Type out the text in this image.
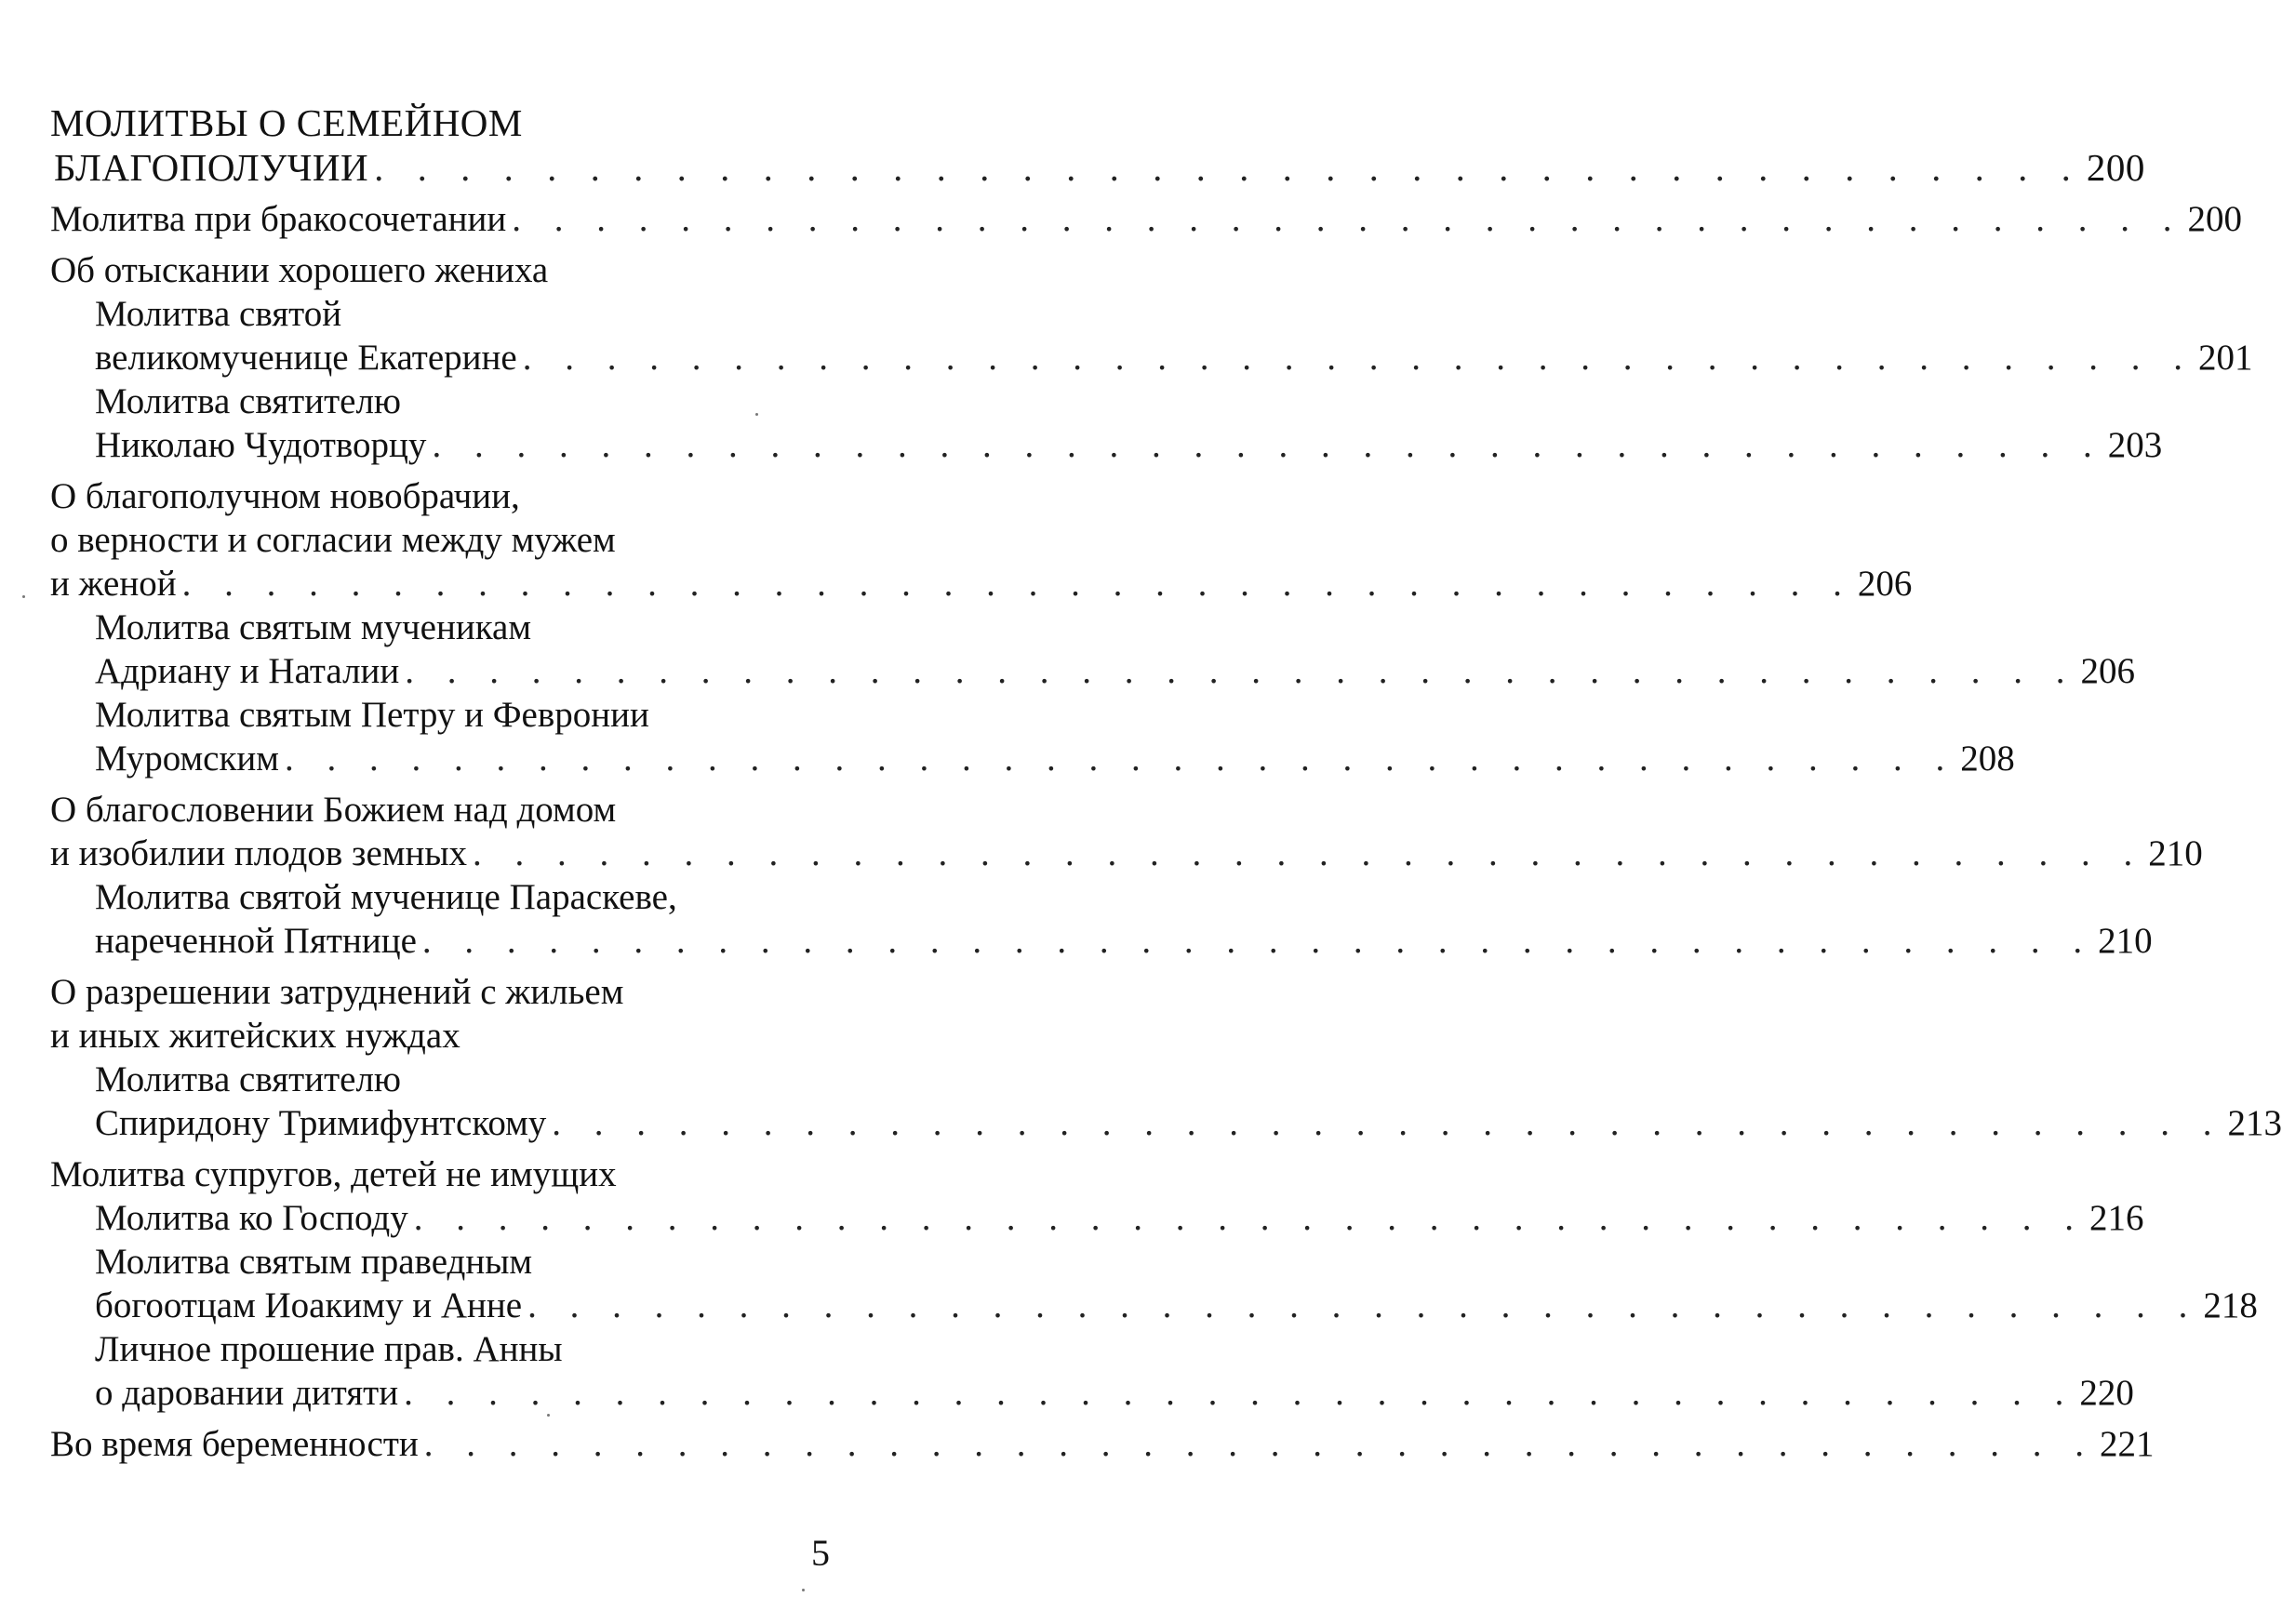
МОЛИТВЫ О СЕМЕЙНОМ
БЛАГОПОЛУЧИИ . . . . . . . . . . . . . . . . . . . . . . . . . . . . . . . . . . . . . . . . 200
Молитва при бракосочетании . . . . . . . . . . . . . . . . . . . . . . . . . . . . . . . . . . . . . . . . 200
Об отыскании хорошего жениха
Молитва святой
великомученице Екатерине . . . . . . . . . . . . . . . . . . . . . . . . . . . . . . . . . . . . . . . . 201
Молитва святителю
Николаю Чудотворцу . . . . . . . . . . . . . . . . . . . . . . . . . . . . . . . . . . . . . . . . 203
О благополучном новобрачии,
о верности и согласии между мужем
и женой . . . . . . . . . . . . . . . . . . . . . . . . . . . . . . . . . . . . . . . . 206
Молитва святым мученикам
Адриану и Наталии . . . . . . . . . . . . . . . . . . . . . . . . . . . . . . . . . . . . . . . . 206
Молитва святым Петру и Февронии
Муромским . . . . . . . . . . . . . . . . . . . . . . . . . . . . . . . . . . . . . . . . 208
О благословении Божием над домом
и изобилии плодов земных . . . . . . . . . . . . . . . . . . . . . . . . . . . . . . . . . . . . . . . . 210
Молитва святой мученице Параскеве,
нареченной Пятнице . . . . . . . . . . . . . . . . . . . . . . . . . . . . . . . . . . . . . . . . 210
О разрешении затруднений с жильем
и иных житейских нуждах
Молитва святителю
Спиридону Тримифунтскому . . . . . . . . . . . . . . . . . . . . . . . . . . . . . . . . . . . . . . . . 213
Молитва супругов, детей не имущих
Молитва ко Господу . . . . . . . . . . . . . . . . . . . . . . . . . . . . . . . . . . . . . . . . 216
Молитва святым праведным
богоотцам Иоакиму и Анне . . . . . . . . . . . . . . . . . . . . . . . . . . . . . . . . . . . . . . . . 218
Личное прошение прав. Анны
о даровании дитяти . . . . . . . . . . . . . . . . . . . . . . . . . . . . . . . . . . . . . . . . 220
Во время беременности . . . . . . . . . . . . . . . . . . . . . . . . . . . . . . . . . . . . . . . . 221
5
